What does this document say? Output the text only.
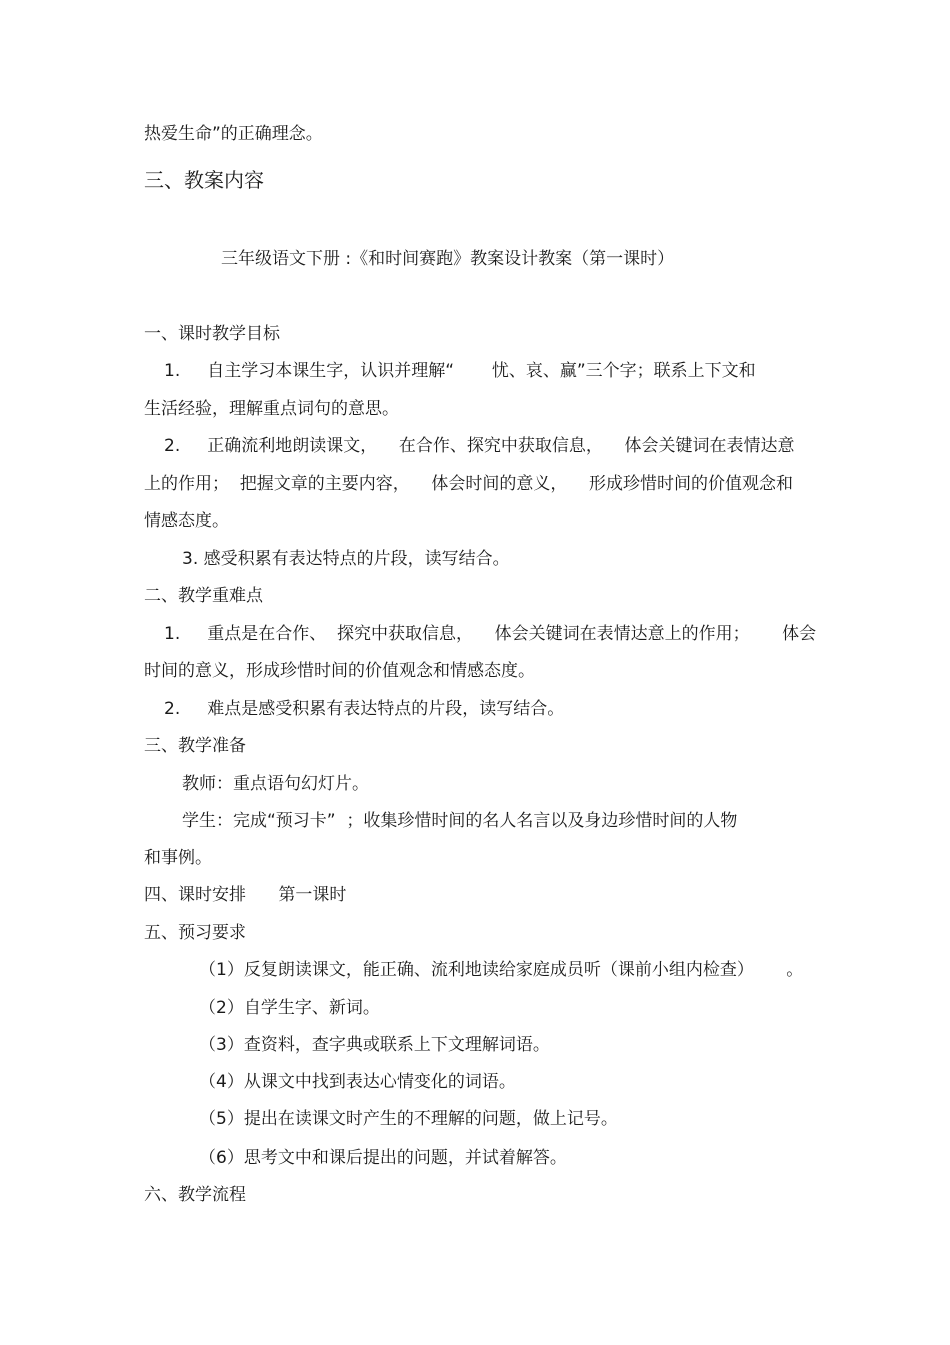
热爱生命”的正确理念。
三、教案内容
三年级语文下册 :《和时间赛跑》教案设计教案（第一课时）
一、课时教学目标
1.     自主学习本课生字，认识并理解“       忧、哀、赢”三个字；联系上下文和
生活经验，理解重点词句的意思。
2.     正确流利地朗读课文，    在合作、探究中获取信息，    体会关键词在表情达意
上的作用；  把握文章的主要内容，    体会时间的意义，    形成珍惜时间的价值观念和
情感态度。
3. 感受积累有表达特点的片段，读写结合。
二、教学重难点
1.     重点是在合作、  探究中获取信息，    体会关键词在表情达意上的作用；      体会
时间的意义，形成珍惜时间的价值观念和情感态度。
2.     难点是感受积累有表达特点的片段，读写结合。
三、教学准备
教师：重点语句幻灯片。
学生：完成“预习卡”  ；收集珍惜时间的名人名言以及身边珍惜时间的人物
和事例。
四、课时安排      第一课时
五、预习要求
（1）反复朗读课文，能正确、流利地读给家庭成员听（课前小组内检查）      。
（2）自学生字、新词。
（3）查资料，查字典或联系上下文理解词语。
（4）从课文中找到表达心情变化的词语。
（5）提出在读课文时产生的不理解的问题，做上记号。
（6）思考文中和课后提出的问题，并试着解答。
六、教学流程
